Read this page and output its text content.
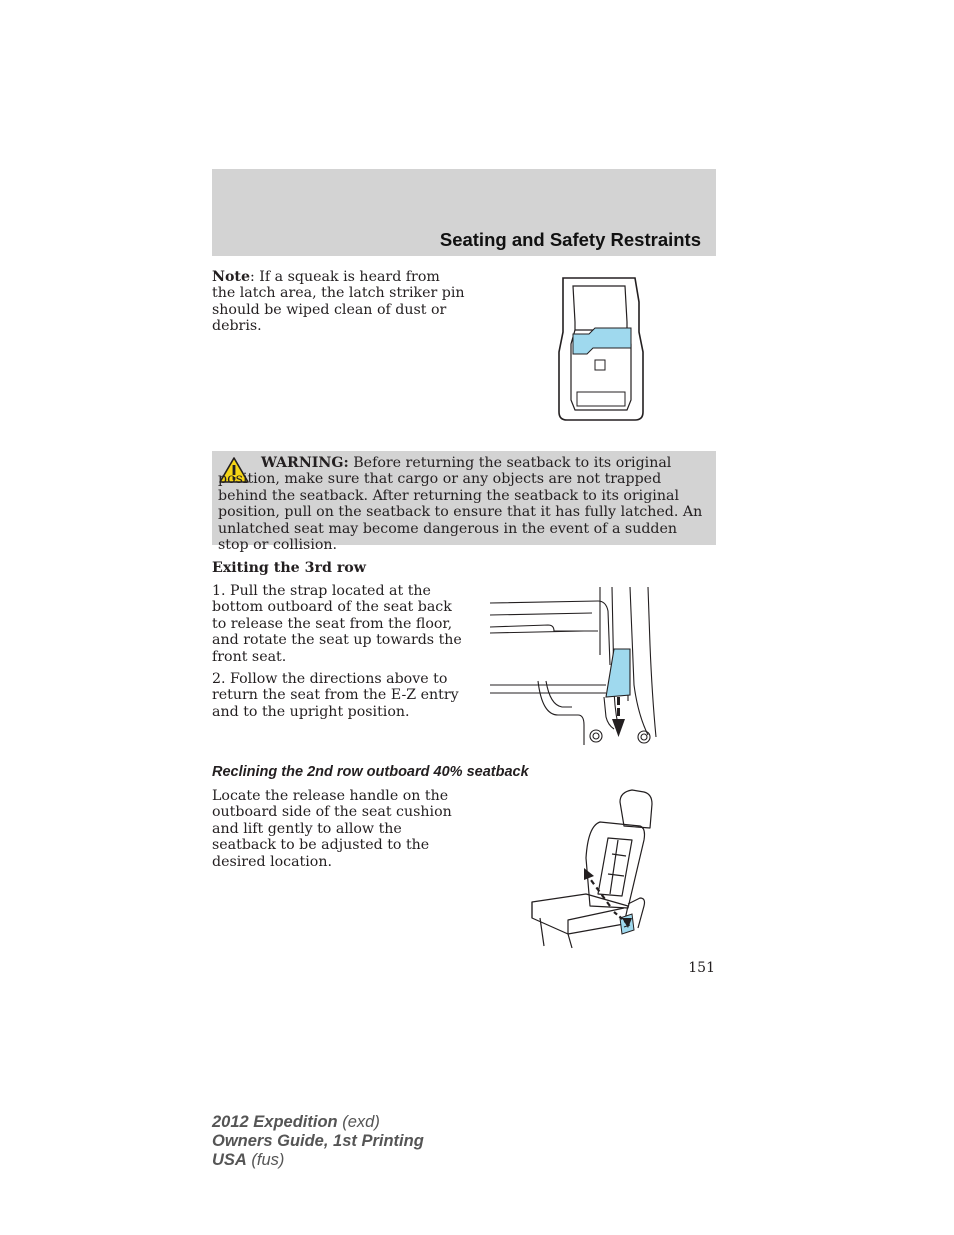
Seating and Safety Restraints
Note: If a squeak is heard from the latch area, the latch striker pin should be wiped clean of dust or debris.
WARNING: Before returning the seatback to its original position, make sure that cargo or any objects are not trapped behind the seatback. After returning the seatback to its original position, pull on the seatback to ensure that it has fully latched. An unlatched seat may become dangerous in the event of a sudden stop or collision.
Exiting the 3rd row

1. Pull the strap located at the bottom outboard of the seat back to release the seat from the floor, and rotate the seat up towards the front seat.

2. Follow the directions above to return the seat from the E-Z entry and to the upright position.

Reclining the 2nd row outboard 40% seatback
Locate the release handle on the outboard side of the seat cushion and lift gently to allow the seatback to be adjusted to the desired location.
151
2012 Expedition (exd)
Owners Guide, 1st Printing
USA (fus)
